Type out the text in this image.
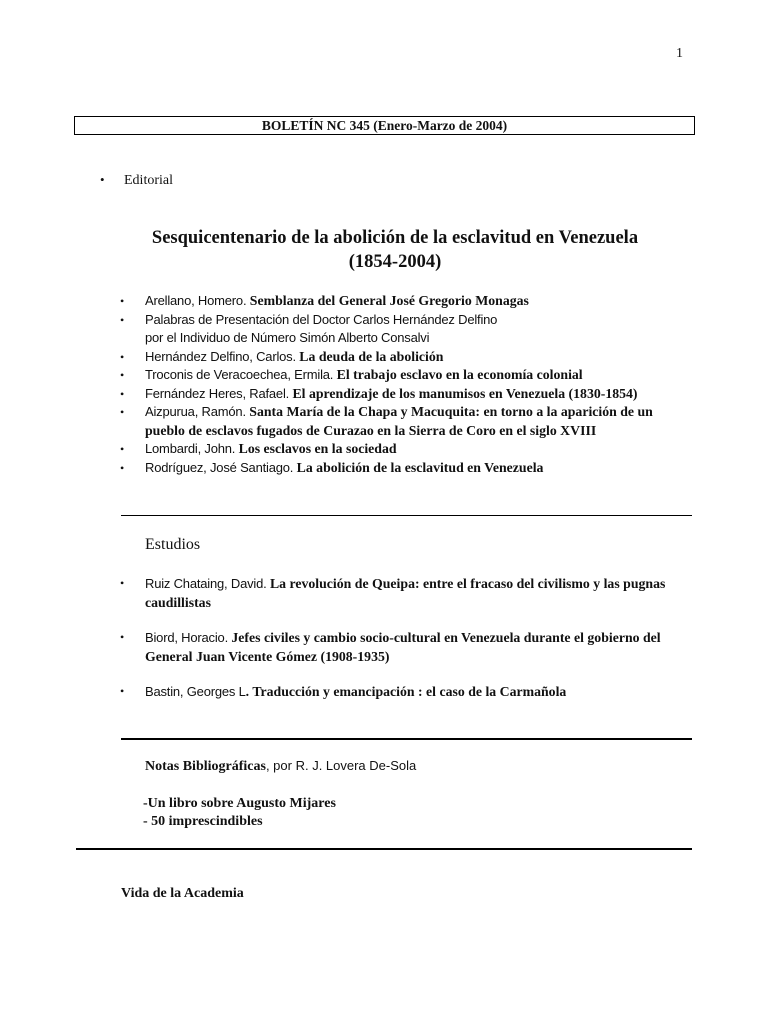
1
BOLETÍN NC 345 (Enero-Marzo de 2004)
• Editorial
Sesquicentenario de la abolición de la esclavitud en Venezuela
(1854-2004)
• Arellano, Homero. Semblanza del General José Gregorio Monagas
• Palabras de Presentación del Doctor Carlos Hernández Delfino
por el Individuo de Número Simón Alberto Consalvi
• Hernández Delfino, Carlos. La deuda de la abolición
• Troconis de Veracoechea, Ermila. El trabajo esclavo en la economía colonial
• Fernández Heres, Rafael. El aprendizaje de los manumisos en Venezuela (1830-1854)
• Aizpurua, Ramón. Santa María de la Chapa y Macuquita: en torno a la aparición de un pueblo de esclavos fugados de Curazao en la Sierra de Coro en el siglo XVIII
• Lombardi, John. Los esclavos en la sociedad
• Rodríguez, José Santiago. La abolición de la esclavitud en Venezuela
Estudios
• Ruiz Chataing, David. La revolución de Queipa: entre el fracaso del civilismo y las pugnas caudillistas
• Biord, Horacio. Jefes civiles y cambio socio-cultural en Venezuela durante el gobierno del General Juan Vicente Gómez (1908-1935)
• Bastin, Georges L. Traducción y emancipación : el caso de la Carmañola
Notas Bibliográficas, por R. J. Lovera De-Sola
-Un libro sobre Augusto Mijares
- 50 imprescindibles
Vida de la Academia
